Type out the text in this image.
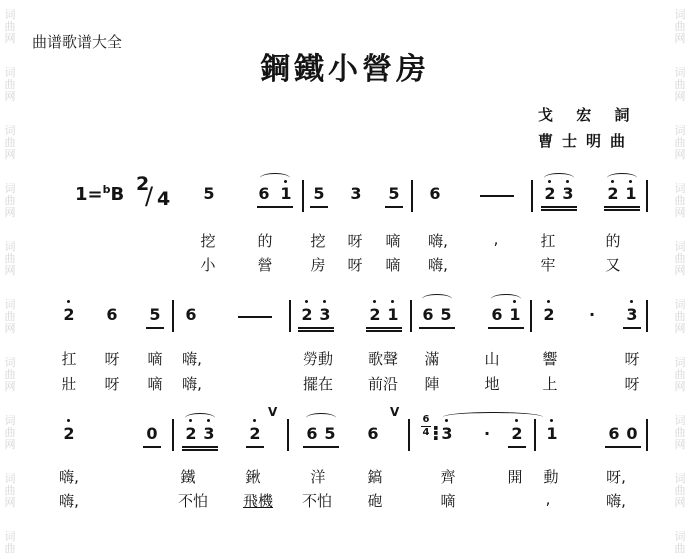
词
曲
网
词
曲
网
词
曲
网
词
曲
网
词
曲
网
词
曲
网
词
曲
网
词
曲
网
词
曲
网
词
曲
词
曲
网
词
曲
网
词
曲
网
词
曲
网
词
曲
网
词
曲
网
词
曲
网
词
曲
网
词
曲
网
词
曲
曲谱歌谱大全
鋼鐵小營房
戈 宏 詞
曹士明曲
1=$^b$B 2
/ 4 5	6 1 5 3 5 6	2 3 2 1
挖	的	挖 呀 嘀 嗨,	,	扛	的
小	營	房 呀 嘀 嗨,	牢	又
2 6 5 6	2 3 2 1 6 5 6 1 2 · 3
扛 呀 嘀 嗨,	勞動 歌聲 滿	山	響	呀
壯 呀 嘀 嗨,	擺在 前沿 陣	地	上	呀
2	0 2 3 2
V
6 5 6
V
6
4 ⁝ 3 · 2 1	6 0
嗨,	鐵	鍬	洋	鎬	齊	開 動	呀,
嗨,	不怕 飛機 不怕 砲	嘀	,	嗨,
